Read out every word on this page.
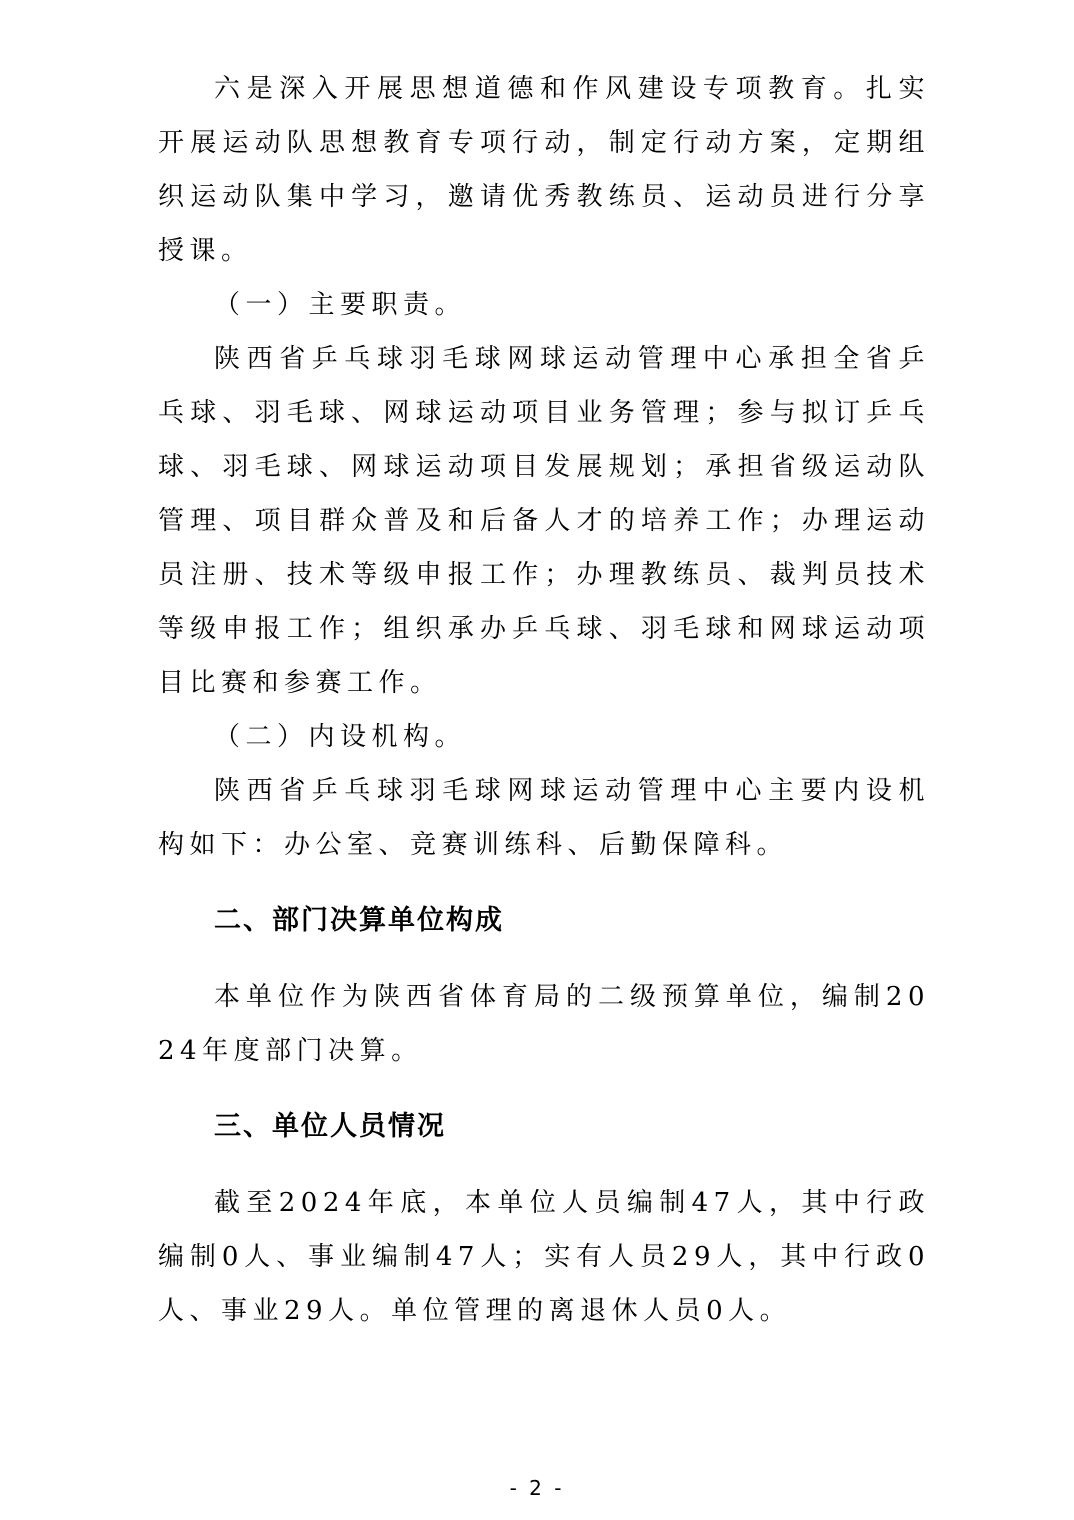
六是深入开展思想道德和作风建设专项教育。扎实开展运动队思想教育专项行动，制定行动方案，定期组织运动队集中学习，邀请优秀教练员、运动员进行分享授课。

（一）主要职责。

陕西省乒乓球羽毛球网球运动管理中心承担全省乒乓球、羽毛球、网球运动项目业务管理；参与拟订乒乓球、羽毛球、网球运动项目发展规划；承担省级运动队管理、项目群众普及和后备人才的培养工作；办理运动员注册、技术等级申报工作；办理教练员、裁判员技术等级申报工作；组织承办乒乓球、羽毛球和网球运动项目比赛和参赛工作。

（二）内设机构。

陕西省乒乓球羽毛球网球运动管理中心主要内设机构如下：办公室、竞赛训练科、后勤保障科。

二、部门决算单位构成

本单位作为陕西省体育局的二级预算单位，编制2024年度部门决算。

三、单位人员情况

截至2024年底，本单位人员编制47人，其中行政编制0人、事业编制47人；实有人员29人，其中行政0人、事业29人。单位管理的离退休人员0人。

- 2 -
